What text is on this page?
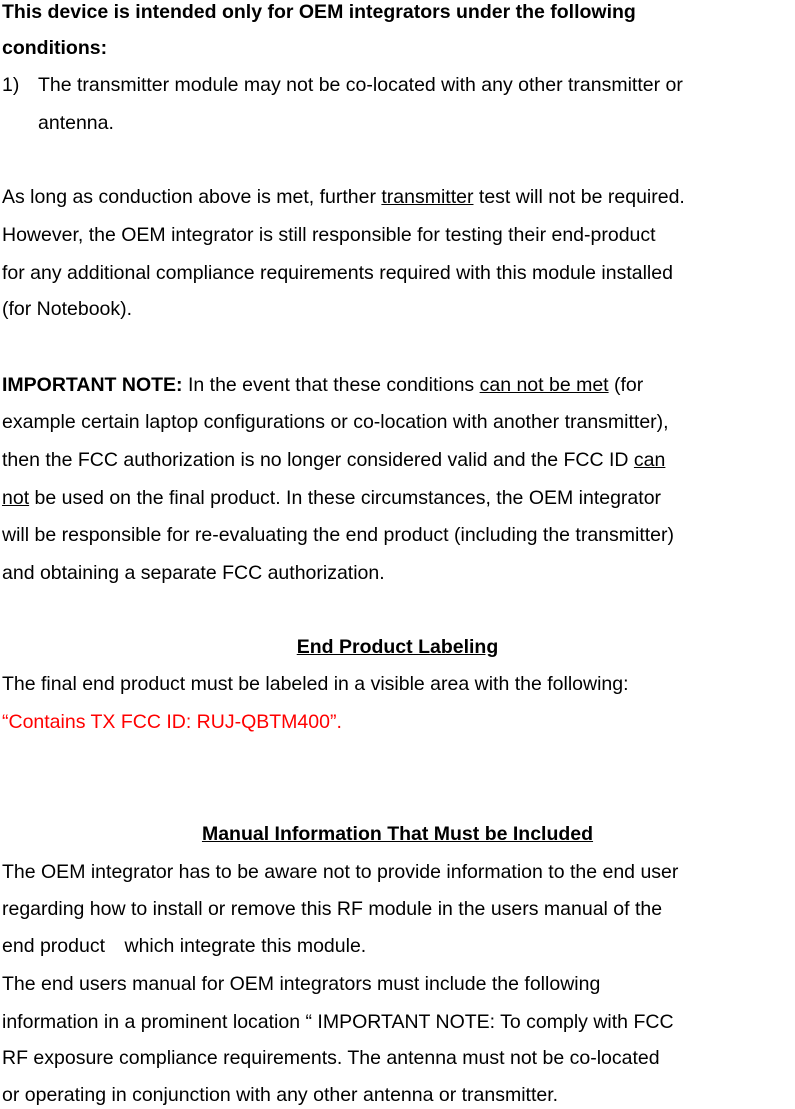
This device is intended only for OEM integrators under the following
conditions:
1) The transmitter module may not be co-located with any other transmitter or
antenna.
As long as conduction above is met, further transmitter test will not be required.
However, the OEM integrator is still responsible for testing their end-product
for any additional compliance requirements required with this module installed
(for Notebook).
IMPORTANT NOTE: In the event that these conditions can not be met (for
example certain laptop configurations or co-location with another transmitter),
then the FCC authorization is no longer considered valid and the FCC ID can
not be used on the final product. In these circumstances, the OEM integrator
will be responsible for re-evaluating the end product (including the transmitter)
and obtaining a separate FCC authorization.
End Product Labeling
The final end product must be labeled in a visible area with the following:
“Contains TX FCC ID: RUJ-QBTM400”.
Manual Information That Must be Included
The OEM integrator has to be aware not to provide information to the end user
regarding how to install or remove this RF module in the users manual of the
end product　which integrate this module.
The end users manual for OEM integrators must include the following
information in a prominent location “ IMPORTANT NOTE: To comply with FCC
RF exposure compliance requirements. The antenna must not be co-located
or operating in conjunction with any other antenna or transmitter.
